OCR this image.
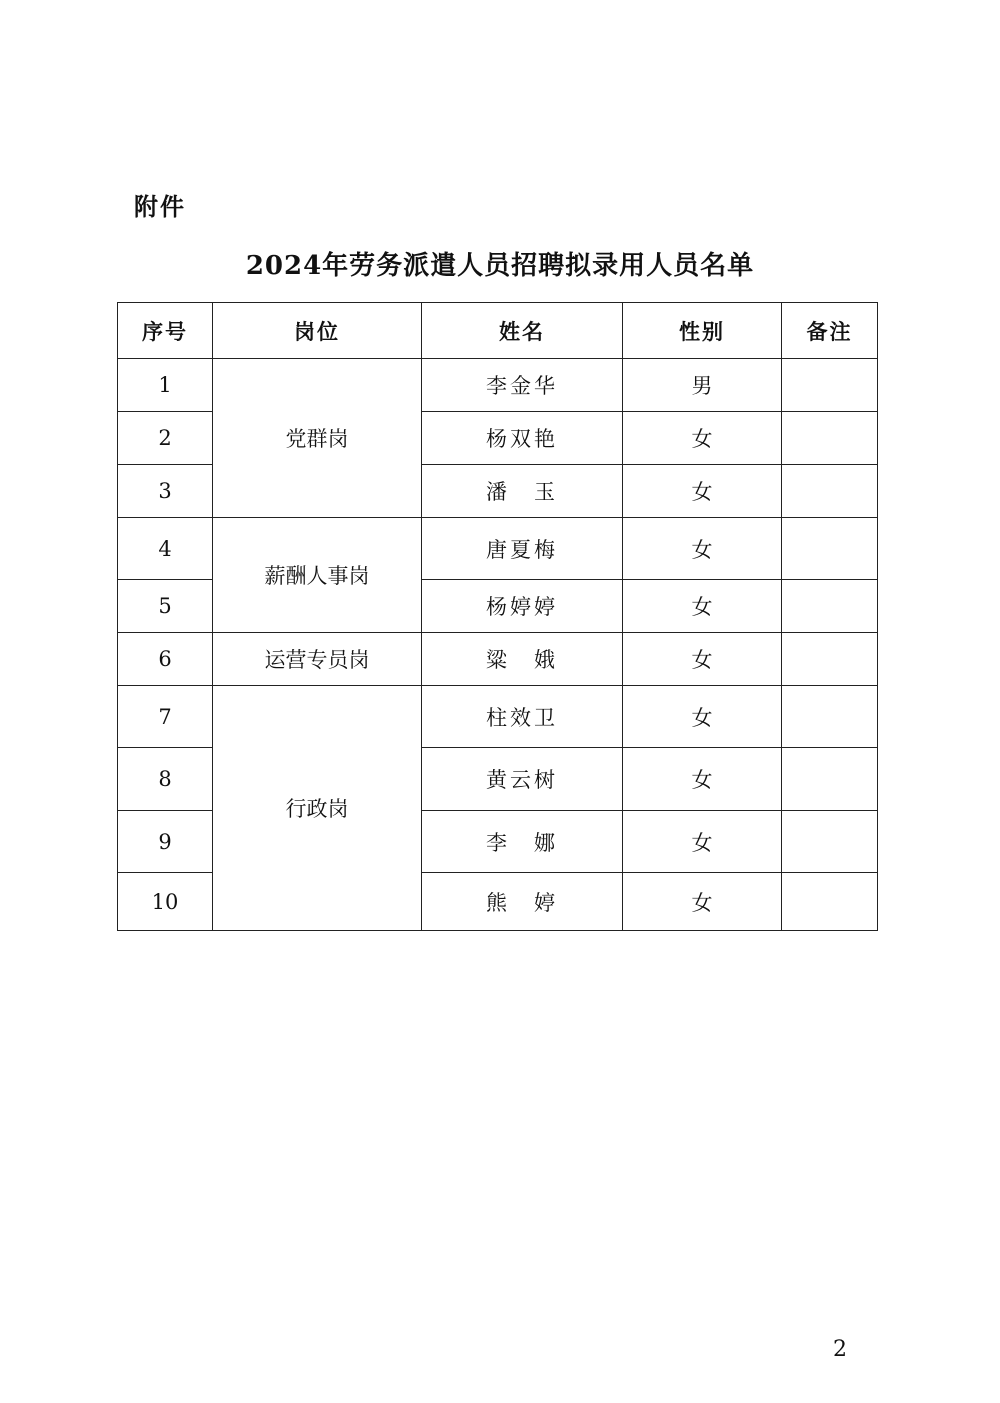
附件
2024年劳务派遣人员招聘拟录用人员名单
序号	岗位	姓名	性别	备注
1	党群岗	李金华	男	
2		杨双艳	女	
3		潘　玉	女	
4	薪酬人事岗	唐夏梅	女	
5		杨婷婷	女	
6	运营专员岗	粱　娥	女	
7	行政岗	柱效卫	女	
8		黄云树	女	
9		李　娜	女	
10		熊　婷	女	
2
